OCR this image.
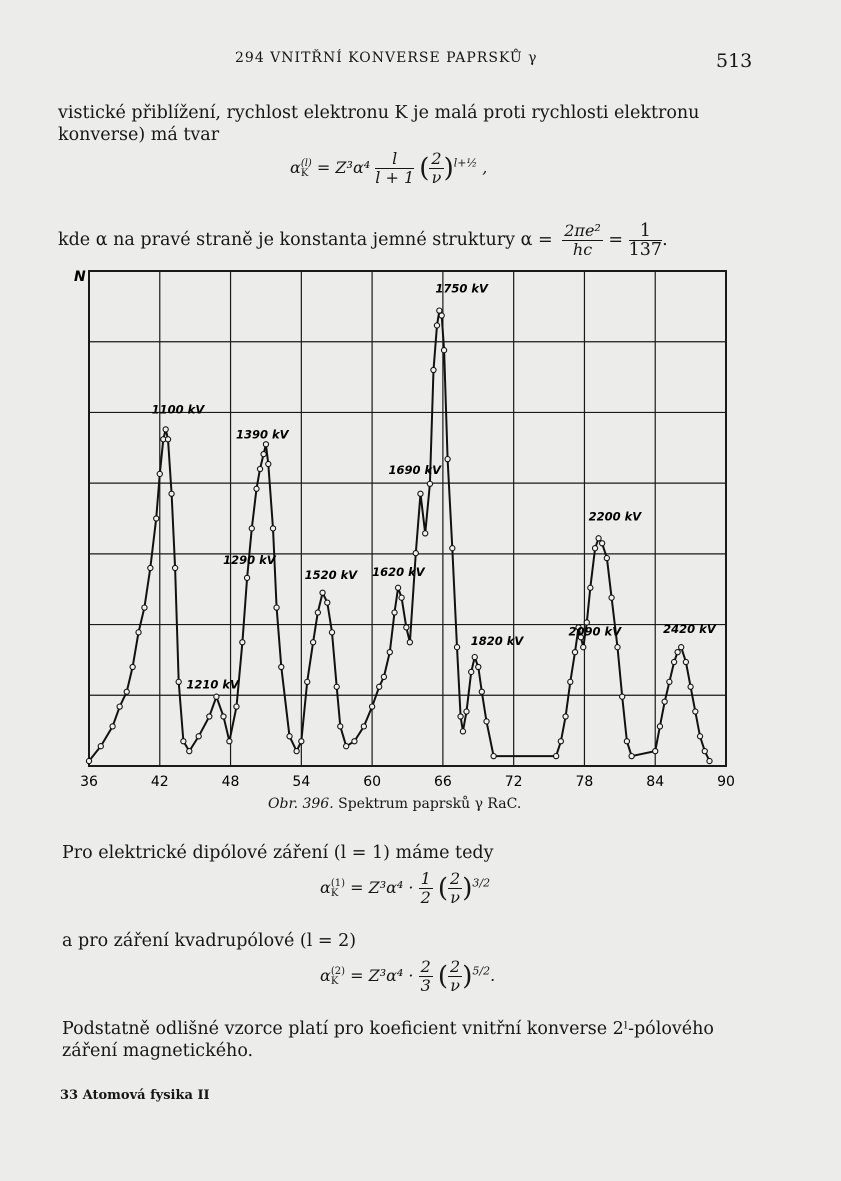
294 VNITŘNÍ KONVERSE PAPRSKŮ γ	513
vistické přiblížení, rychlost elektronu K je malá proti rychlosti elektronu
konverse) má tvar
α (l)
$K = Z^3\alpha^4 \frac{l}{l + 1}$ ( $\frac{2}{\nu} )^{l+\frac{1}{2}}$ ,
kde α na pravé straně je konstanta jemné struktury $\alpha = \frac{\text{2πe²}}{hc} = \frac{1}{137}$ .
36	42	48	54	60	66	72	78	84	90
N
1100 kV
1210 kV
1290 kV
1390 kV
1520 kV 1620 kV
1690 kV
1750 kV
1820 kV
2090 kV
2200 kV
2420 kV
Obr. 396. Spektrum paprsků γ RaC.
Pro elektrické dipólové záření (l = 1) máme tedy
α (1)
$K = Z^3\alpha^4 \cdot \frac{1}{2}$ ( $\frac{2}{\nu} )^{3/2}$
a pro záření kvadrupólové (l = 2)
α (2)
$K = Z^3\alpha^4 \cdot \frac{2}{3}$ ( $\frac{2}{\nu} )^{5/2}$.
Podstatně odlišné vzorce platí pro koeficient vnitřní konverse 2ˡ-pólového
záření magnetického.
33 Atomová fysika II
